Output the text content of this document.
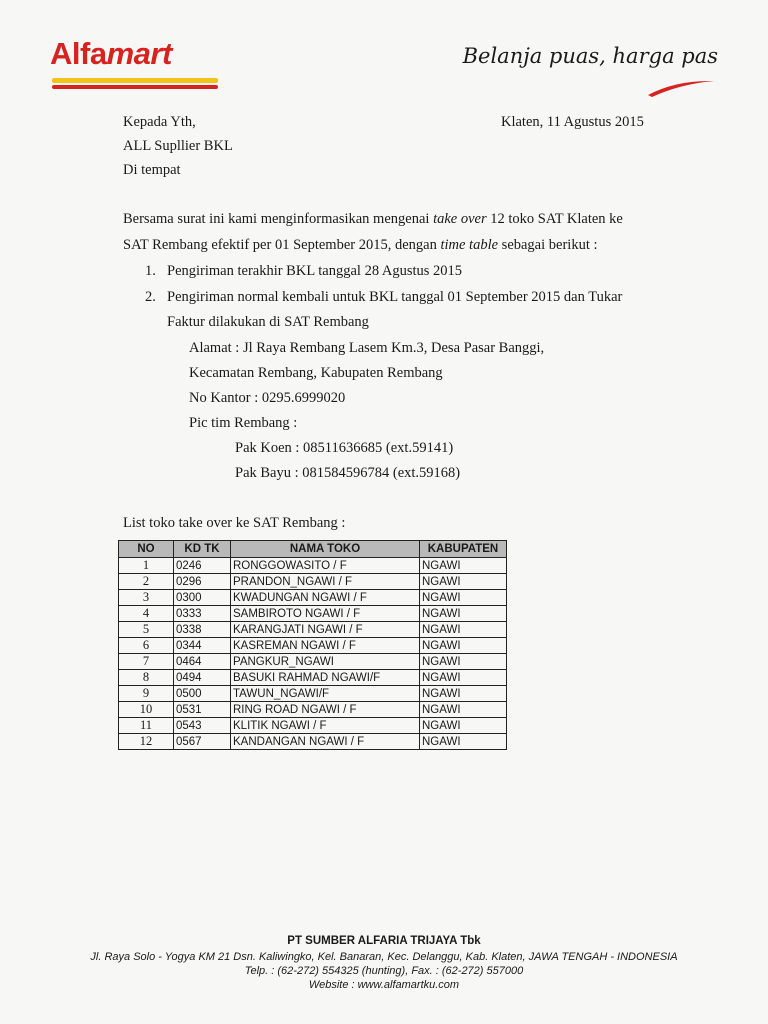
Alfamart	Belanja puas, harga pas
Kepada Yth,
ALL Supllier BKL
Di tempat
Klaten, 11 Agustus 2015
Bersama surat ini kami menginformasikan mengenai take over 12 toko SAT Klaten ke
SAT Rembang efektif per 01 September 2015, dengan time table sebagai berikut :
1. Pengiriman terakhir BKL tanggal 28 Agustus 2015
2. Pengiriman normal kembali untuk BKL tanggal 01 September 2015 dan Tukar
Faktur dilakukan di SAT Rembang
Alamat : Jl Raya Rembang Lasem Km.3, Desa Pasar Banggi,
Kecamatan Rembang, Kabupaten Rembang
No Kantor : 0295.6999020
Pic tim Rembang :
Pak Koen : 08511636685 (ext.59141)
Pak Bayu : 081584596784 (ext.59168)
List toko take over ke SAT Rembang :
NO	KD TK	NAMA TOKO	KABUPATEN
1	0246	RONGGOWASITO / F	NGAWI
2	0296	PRANDON_NGAWI / F	NGAWI
3	0300	KWADUNGAN NGAWI / F	NGAWI
4	0333	SAMBIROTO NGAWI / F	NGAWI
5	0338	KARANGJATI NGAWI / F	NGAWI
6	0344	KASREMAN NGAWI / F	NGAWI
7	0464	PANGKUR_NGAWI	NGAWI
8	0494	BASUKI RAHMAD NGAWI/F	NGAWI
9	0500	TAWUN_NGAWI/F	NGAWI
10	0531	RING ROAD NGAWI / F	NGAWI
11	0543	KLITIK NGAWI / F	NGAWI
12	0567	KANDANGAN NGAWI / F	NGAWI
PT SUMBER ALFARIA TRIJAYA Tbk
Jl. Raya Solo - Yogya KM 21 Dsn. Kaliwingko, Kel. Banaran, Kec. Delanggu, Kab. Klaten, JAWA TENGAH - INDONESIA
Telp. : (62-272) 554325 (hunting), Fax. : (62-272) 557000
Website : www.alfamartku.com
